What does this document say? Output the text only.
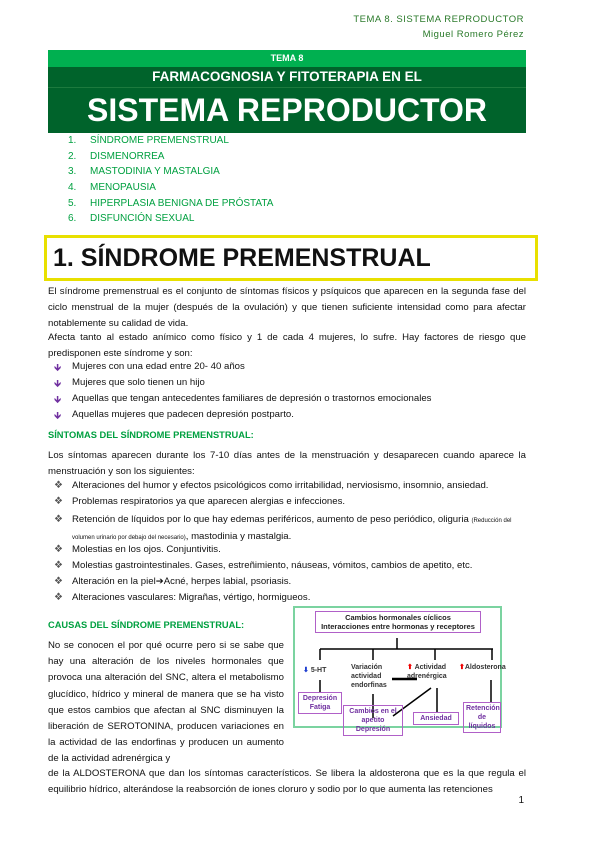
TEMA 8. SISTEMA REPRODUCTOR
Miguel Romero Pérez
TEMA 8
FARMACOGNOSIA Y FITOTERAPIA EN EL
SISTEMA REPRODUCTOR
1. SÍNDROME PREMENSTRUAL
2. DISMENORREA
3. MASTODINIA Y MASTALGIA
4. MENOPAUSIA
5. HIPERPLASIA BENIGNA DE PRÓSTATA
6. DISFUNCIÓN SEXUAL
1. SÍNDROME PREMENSTRUAL
El síndrome premenstrual es el conjunto de síntomas físicos y psíquicos que aparecen en la segunda fase del ciclo menstrual de la mujer (después de la ovulación) y que tienen suficiente intensidad como para afectar notablemente su calidad de vida.
Afecta tanto al estado anímico como físico y 1 de cada 4 mujeres, lo sufre. Hay factores de riesgo que predisponen este síndrome y son:
🡻 Mujeres con una edad entre 20- 40 años
🡻 Mujeres que solo tienen un hijo
🡻 Aquellas que tengan antecedentes familiares de depresión o trastornos emocionales
🡻 Aquellas mujeres que padecen depresión postparto.
SÍNTOMAS DEL SÍNDROME PREMENSTRUAL:
Los síntomas aparecen durante los 7-10 días antes de la menstruación y desaparecen cuando aparece la menstruación y son los siguientes:
❖ Alteraciones del humor y efectos psicológicos como irritabilidad, nerviosismo, insomnio, ansiedad.
❖ Problemas respiratorios ya que aparecen alergias e infecciones.
❖ Retención de líquidos por lo que hay edemas periféricos, aumento de peso periódico, oliguria (Reducción del volumen urinario por debajo del necesario), mastodinia y mastalgia.
❖ Molestias en los ojos. Conjuntivitis.
❖ Molestias gastrointestinales. Gases, estreñimiento, náuseas, vómitos, cambios de apetito, etc.
❖ Alteración en la piel➔Acné, herpes labial, psoriasis.
❖ Alteraciones vasculares: Migrañas, vértigo, hormigueos.
CAUSAS DEL SÍNDROME PREMENSTRUAL:
No se conocen el por qué ocurre pero si se sabe que hay una alteración de los niveles hormonales que provoca una alteración del SNC, altera el metabolismo glucídico, hídrico y mineral de manera que se ha visto que estos cambios que afectan al SNC disminuyen la liberación de SEROTONINA, producen variaciones en la actividad de las endorfinas y producen un aumento de la actividad adrenérgica y
de la ALDOSTERONA que dan los síntomas característicos. Se libera la aldosterona que es la que regula el equilibrio hídrico, alterándose la reabsorción de iones cloruro y sodio por lo que aumenta las retenciones
Cambios hormonales cíclicos
Interacciones entre hormonas y receptores
⬇ 5-HT	Variación actividad endorfinas
⬆ Actividad adrenérgica
⬆Aldosterona
Depresión Fatiga
Cambios en el apetito Depresión
Ansiedad
Retención de líquidos
1
